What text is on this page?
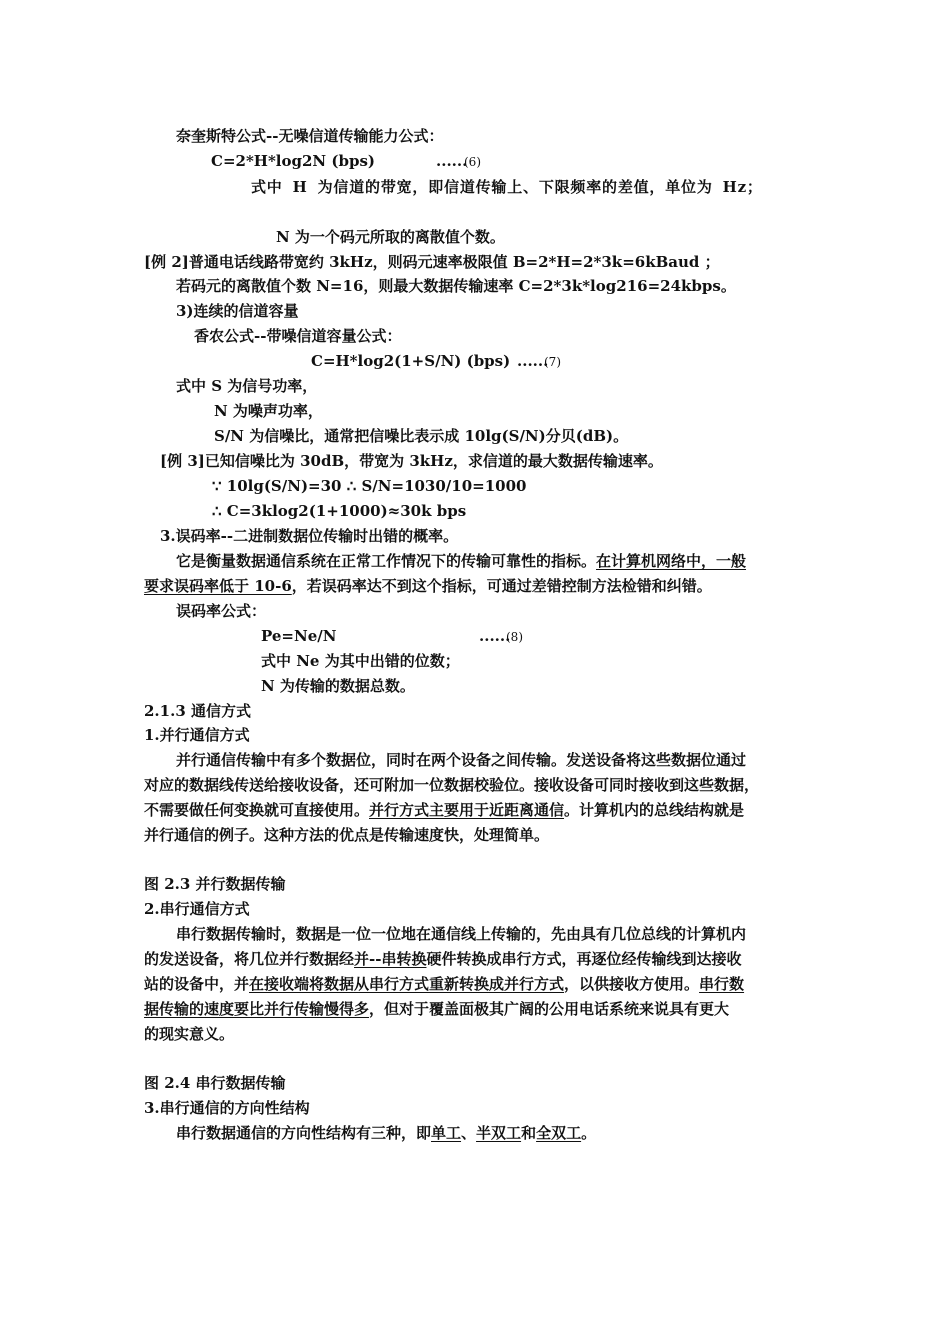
奈奎斯特公式--无噪信道传输能力公式：
C=2*H*log2N (bps)	......
(6)
式中 H 为信道的带宽，即信道传输上、下限频率的差值，单位为 Hz；
N 为一个码元所取的离散值个数。
[例 2]普通电话线路带宽约 3kHz，则码元速率极限值 B=2*H=2*3k=6kBaud ；
若码元的离散值个数 N=16，则最大数据传输速率 C=2*3k*log216=24kbps。
3)连续的信道容量
香农公式--带噪信道容量公式：
C=H*log2(1+S/N) (bps) ......
(7)
式中 S 为信号功率，
N 为噪声功率，
S/N 为信噪比，通常把信噪比表示成 10lg(S/N)分贝(dB)。
[例 3]已知信噪比为 30dB，带宽为 3kHz，求信道的最大数据传输速率。
∵ 10lg(S/N)=30 ∴ S/N=1030/10=1000
∴ C=3klog2(1+1000)≈30k bps
3.误码率--二进制数据位传输时出错的概率。
它是衡量数据通信系统在正常工作情况下的传输可靠性的指标。在计算机网络中，一般
要求误码率低于 10-6，若误码率达不到这个指标，可通过差错控制方法检错和纠错。
误码率公式：
Pe=Ne/N	......
(8)
式中 Ne 为其中出错的位数；
N 为传输的数据总数。
2.1.3 通信方式
1.并行通信方式
并行通信传输中有多个数据位，同时在两个设备之间传输。发送设备将这些数据位通过
对应的数据线传送给接收设备，还可附加一位数据校验位。接收设备可同时接收到这些数据，
不需要做任何变换就可直接使用。并行方式主要用于近距离通信。计算机内的总线结构就是
并行通信的例子。这种方法的优点是传输速度快，处理简单。
图 2.3 并行数据传输
2.串行通信方式
串行数据传输时，数据是一位一位地在通信线上传输的，先由具有几位总线的计算机内
的发送设备，将几位并行数据经并--串转换硬件转换成串行方式，再逐位经传输线到达接收
站的设备中，并在接收端将数据从串行方式重新转换成并行方式，以供接收方使用。串行数
据传输的速度要比并行传输慢得多，但对于覆盖面极其广阔的公用电话系统来说具有更大
的现实意义。
图 2.4 串行数据传输
3.串行通信的方向性结构
串行数据通信的方向性结构有三种，即单工、半双工和全双工。
